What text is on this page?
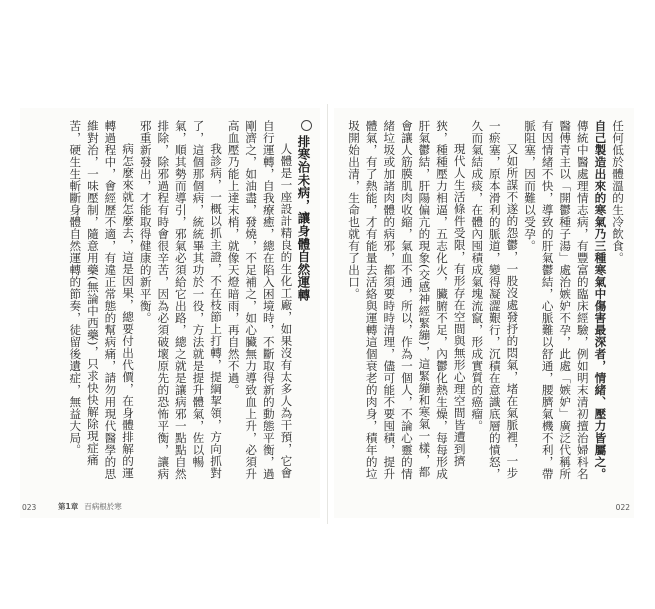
排寒治未病，讓身體自然運轉

人體是一座設計精良的生化工廠，如果沒有太多人為干預，它會自行運轉，自我療癒，總在陷入困境時，不斷取得新的動態平衡，過剛濟之，如油盡，發燒，不足補之，如心臟無力導致血上升，必須升高血壓乃能上達末梢，就像天燈暗雨，再自然不過。

我診病，一概以抓主證，不在枝節上打轉，提綱挈領，方向抓對了，這個那個病，統統畢其功於一役，方法就是提升體氣，佐以暢氣，順其勢而導引，邪氣必須給它出路，總之就是讓病邪一點點自然排除，除邪過程有時會很辛苦，因為必須破壞原先的恐怖平衡，讓病邪重新發出，才能取得健康的新平衡。

病怎麼來就怎麼去，這是因果，總要付出代價，在身體排解的運轉過程中，會經歷不適，有違正常態的幫病痛，請勿用現代醫學的思維對治，一味壓制，隨意用藥(無論中西藥)，只求快快解除現症痛苦，硬生生斬斷身體自然運轉的節奏，徒留後遺症，無益大局。

023	第1章 百病根於寒

任何低於體溫的生冷飲食。

自己製造出來的寒氣乃三種寒氣中傷害最深者，情緒、壓力皆屬之。傳統中醫處理情志病，有豐富的臨床經驗，例如明末清初擅治婦科名醫傅青主以「開鬱種子湯」處治嫉妒不孕，此處「嫉妒」廣泛代稱所有因情緒不快，導致的肝氣鬱結，心脈難以舒通，腰臍氣機不利，帶脈阻塞，因而難以受孕。

又如所謀不遂的怨鬱，一股沒處發抒的悶氣，堵在氣脈裡，一步一瘀塞，原本滑利的脈道，變得凝澀艱行，沉積在意識底層的憤怒，久而氣結成痰，在體內囤積成氣塊流竄，形成實質的癌瘤。

現代人生活條件受限，有形存在空間與無形心理空間皆遭到擠狹，種種壓力相逼，五志化火，臟腑不足，內鬱化熱生燥，每每形成肝氣鬱結，肝陽偏亢的現象(交感神經緊繃)，這緊繃和寒氣一樣，都會讓人筋膜肌肉收縮，氣血不通，所以，作為一個人，不論心靈的情緒垃圾或加諸肉體的病邪，都須要時時清理，儘可能不要囤積，提升體氣，有了熱能，才有能量去活絡與運轉這個衰老的肉身，積年的垃圾開始出清，生命也就有了出口。

022
